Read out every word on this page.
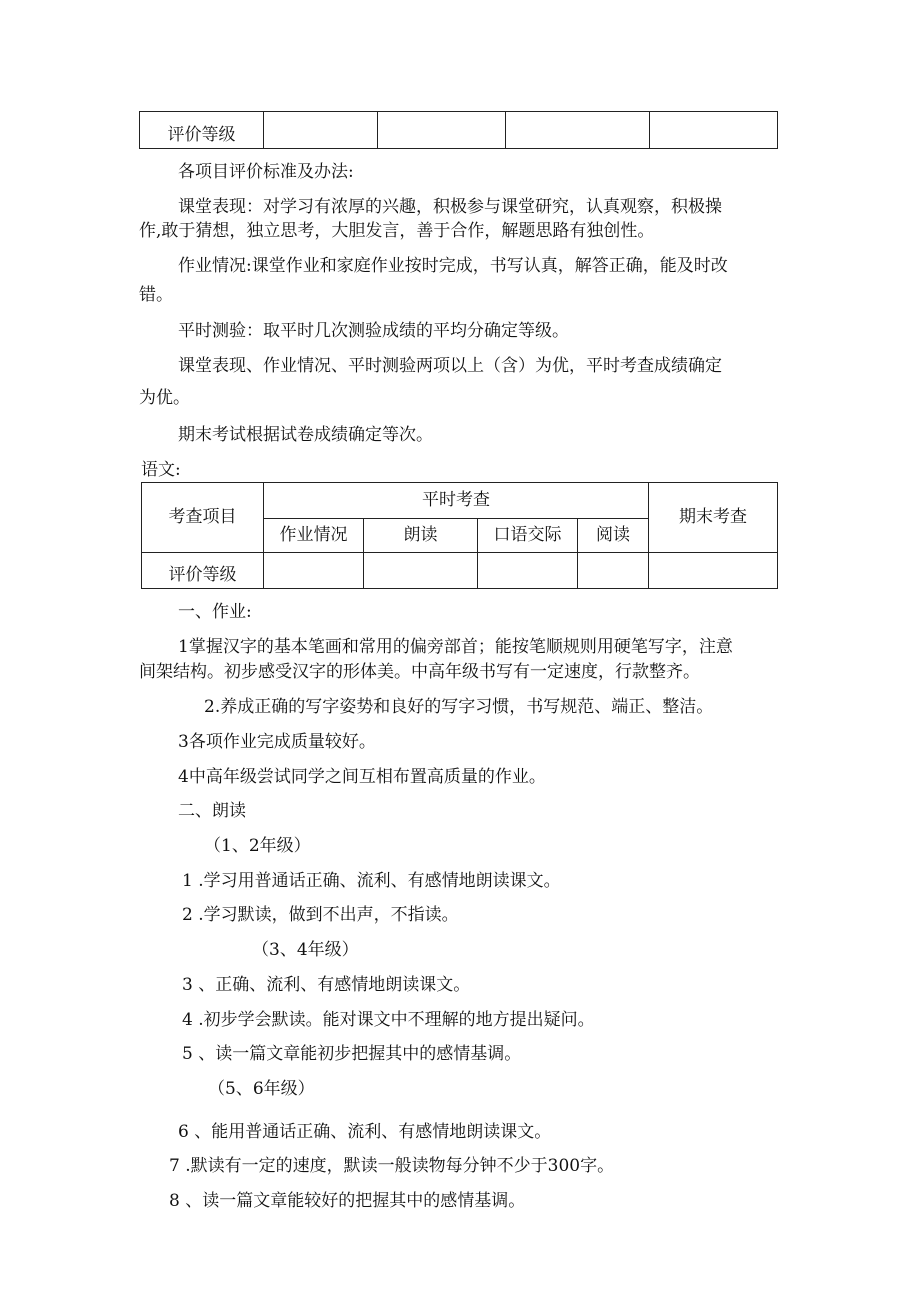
评价等级				
各项目评价标准及办法:
课堂表现：对学习有浓厚的兴趣，积极参与课堂研究，认真观察，积极操
作,敢于猜想，独立思考，大胆发言，善于合作，解题思路有独创性。
作业情况:课堂作业和家庭作业按时完成，书写认真，解答正确，能及时改
错。
平时测验：取平时几次测验成绩的平均分确定等级。
课堂表现、作业情况、平时测验两项以上（含）为优，平时考查成绩确定
为优。
期末考试根据试卷成绩确定等次。
语文:
考查项目	平时考查				期末考查
	作业情况	朗读	口语交际	阅读	
评价等级					
一、作业:
1掌握汉字的基本笔画和常用的偏旁部首；能按笔顺规则用硬笔写字，注意
间架结构。初步感受汉字的形体美。中高年级书写有一定速度，行款整齐。
2.养成正确的写字姿势和良好的写字习惯，书写规范、端正、整洁。
3各项作业完成质量较好。
4中高年级尝试同学之间互相布置高质量的作业。
二、朗读
（1、2年级）
1 .学习用普通话正确、流利、有感情地朗读课文。
2 .学习默读，做到不出声，不指读。
（3、4年级）
3 、正确、流利、有感情地朗读课文。
4 .初步学会默读。能对课文中不理解的地方提出疑问。
5 、读一篇文章能初步把握其中的感情基调。
（5、6年级）
6 、能用普通话正确、流利、有感情地朗读课文。
7 .默读有一定的速度，默读一般读物每分钟不少于300字。
8 、读一篇文章能较好的把握其中的感情基调。
